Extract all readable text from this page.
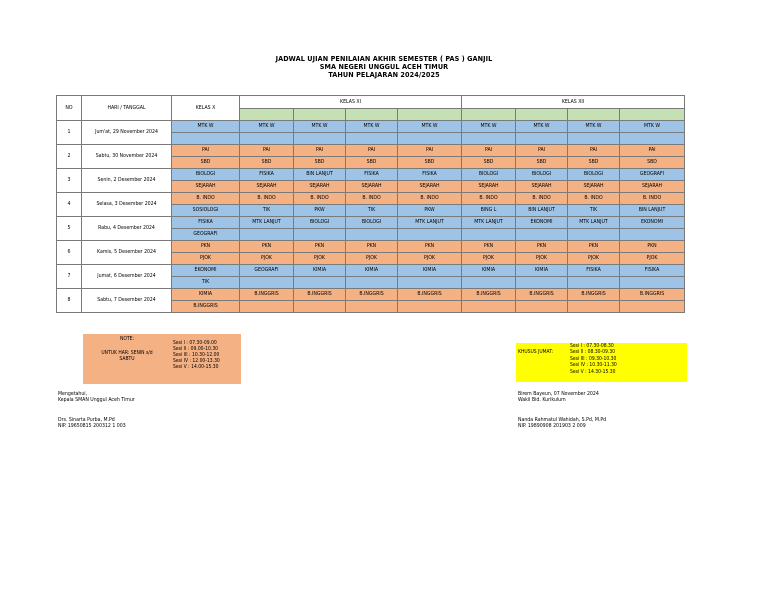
JADWAL UJIAN PENILAIAN AKHIR SEMESTER ( PAS ) GANJIL
SMA NEGERI UNGGUL ACEH TIMUR
TAHUN PELAJARAN 2024/2025
NO	HARI / TANGGAL	KELAS X	KELAS XI				KELAS XII			

1	Jum'at, 29 November 2024	MTK W	MTK W	MTK W	MTK W	MTK W	MTK W	MTK W	MTK W	MTK W

2	Sabtu, 30 November 2024	PAI	PAI	PAI	PAI	PAI	PAI	PAI	PAI	PAI
		SBD	SBD	SBD	SBD	SBD	SBD	SBD	SBD	SBD
3	Senin, 2 Desember 2024	BIOLOGI	FISIKA	BIN LANJUT	FISIKA	FISIKA	BIOLOGI	BIOLOGI	BIOLOGI	GEOGRAFI
		SEJARAH	SEJARAH	SEJARAH	SEJARAH	SEJARAH	SEJARAH	SEJARAH	SEJARAH	SEJARAH
4	Selasa, 3 Desember 2024	B. INDO	B. INDO	B. INDO	B. INDO	B. INDO	B. INDO	B. INDO	B. INDO	B. INDO
		SOSIOLOGI	TIK	PKW	TIK	PKW	BING L	BIN LANJUT	TIK	BIN LANJUT
5	Rabu, 4 Desember 2024	FISIKA	MTK LANJUT	BIOLOGI	BIOLOGI	MTK LANJUT	MTK LANJUT	EKONOMI	MTK LANJUT	EKONOMI
		GEOGRAFI								
6	Kamis, 5 Desember 2024	PKN	PKN	PKN	PKN	PKN	PKN	PKN	PKN	PKN
		PJOK	PJOK	PJOK	PJOK	PJOK	PJOK	PJOK	PJOK	PJOK
7	Jumat, 6 Desember 2024	EKONOMI	GEOGRAFI	KIMIA	KIMIA	KIMIA	KIMIA	KIMIA	FISIKA	FISIKA
		TIK								
8	Sabtu, 7 Desember 2024	KIMIA	B.INGGRIS	B.INGGRIS	B.INGGRIS	B.INGGRIS	B.INGGRIS	B.INGGRIS	B.INGGRIS	B.INGGRIS
		B.INGGRIS								
NOTE:
UNTUK HAR: SENIN s/d
SABTU
Sesi I : 07.30-09.00
Sesi II : 09.00-10.30
Sesi III : 10.30-12.00
Sesi IV : 12.00-13.30
Sesi V : 14.00-15.30
KHUSUS JUMAT:
Sesi I : 07.30-08.30
Sesi II : 08.30-09.30
Sesi III : 09.30-10.30
Sesi IV : 10.30-11.30
Sesi V : 14.30-15.30
Mengetahui,
Kepala SMAN Unggul Aceh Timur
Drs. Sinarta Purba, M.Pd
NIP. 19650815 200312 1 003
Birem Bayeun, 07 November 2024
Wakil Bid. Kurikulum
Nanda Rahmatul Wahidah, S.Pd, M.Pd
NIP. 19890908 201903 2 009
